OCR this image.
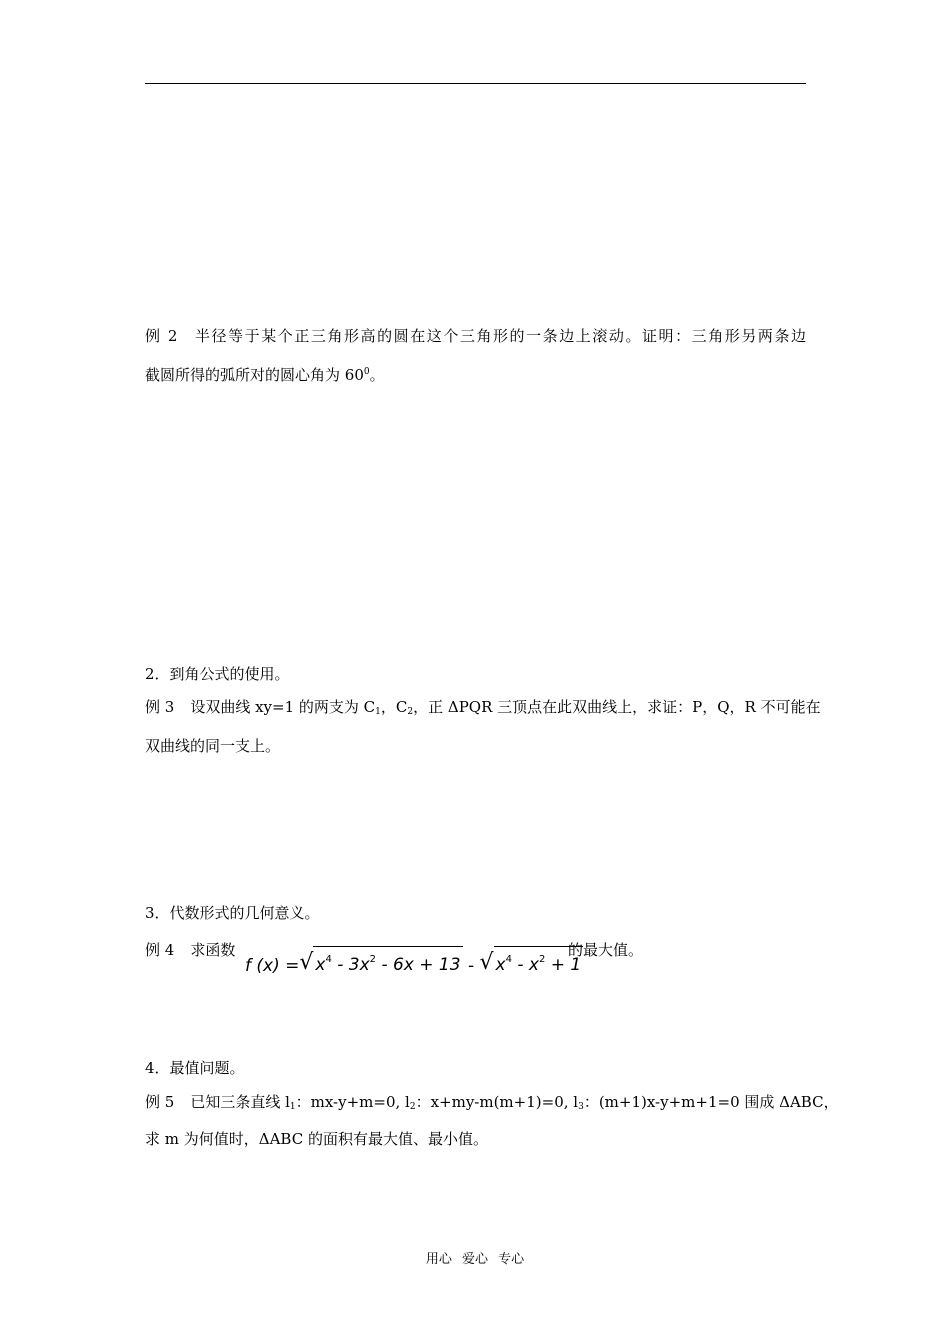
例 2 半径等于某个正三角形高的圆在这个三角形的一条边上滚动。证明：三角形另两条边
截圆所得的弧所对的圆心角为 $60^0$。
2．到角公式的使用。
例 3 设双曲线 xy=1 的两支为 $C_1$，$C_2$，正 ΔPQR 三顶点在此双曲线上，求证：P，Q，R 不可能在
双曲线的同一支上。
3．代数形式的几何意义。
例 4 求函数
f (x) = √ $x^4 - 3x^2 - 6x + 13$ - √ $x^4 - x^2 + 1$
的最大值。
4．最值问题。
例 5 已知三条直线 $l_1$：mx-y+m=0, $l_2$：x+my-m(m+1)=0, $l_3$：(m+1)x-y+m+1=0 围成 ΔABC，
求 m 为何值时，ΔABC 的面积有最大值、最小值。
用心 爱心 专心
